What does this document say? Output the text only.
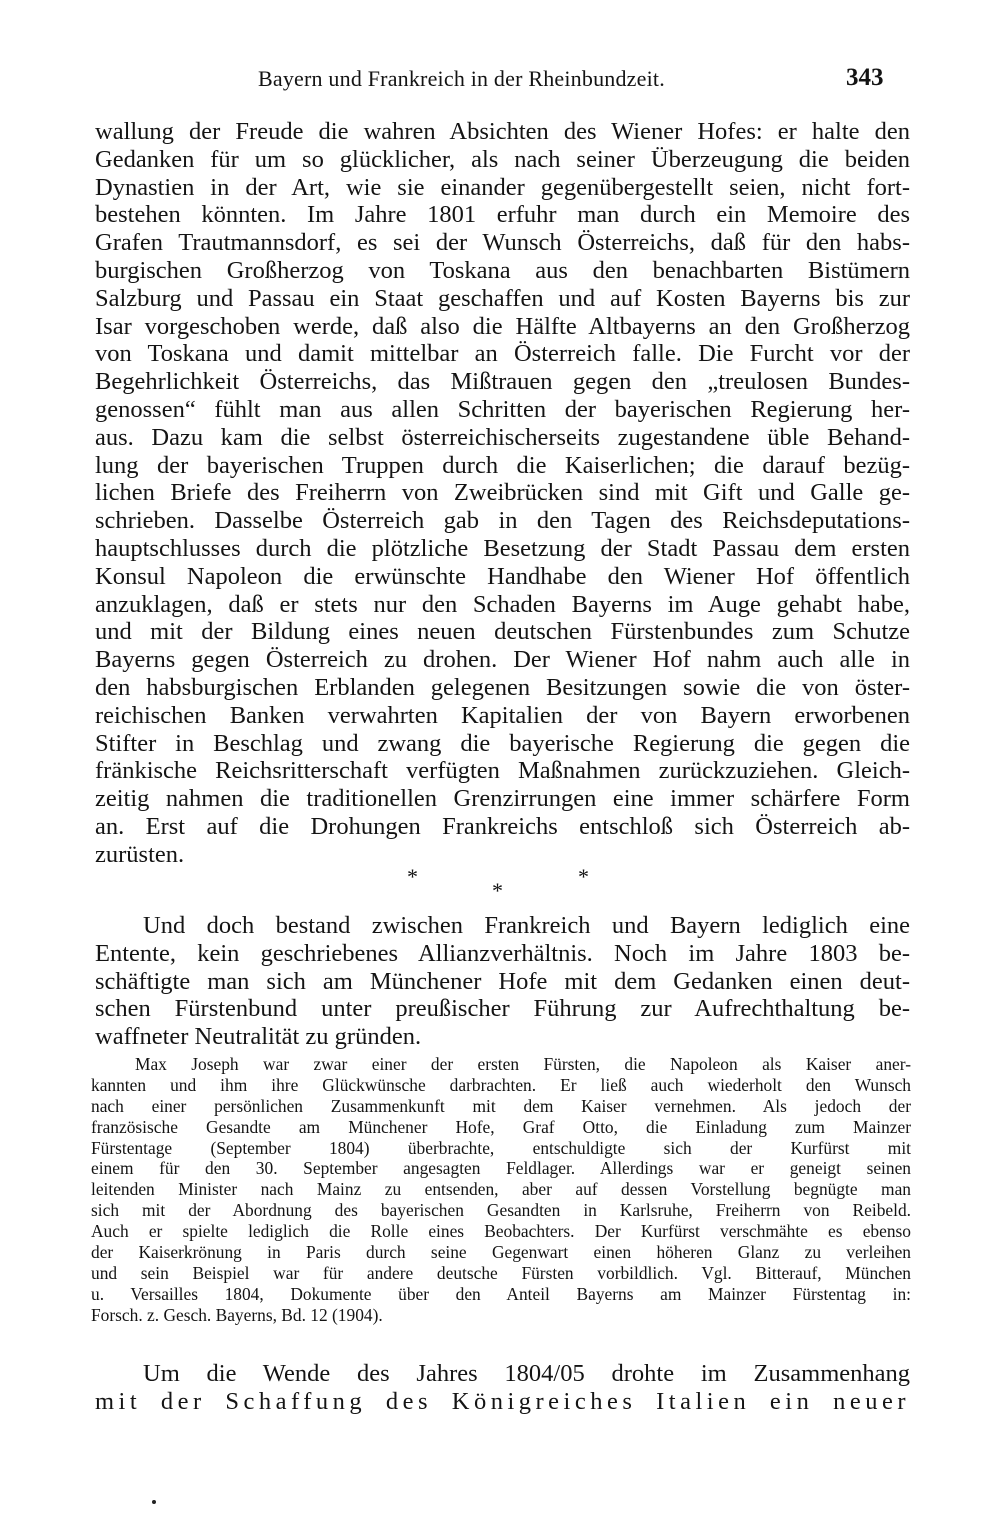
Bayern und Frankreich in der Rheinbundzeit.	343
wallung der Freude die wahren Absichten des Wiener Hofes: er halte den
Gedanken für um so glücklicher, als nach seiner Überzeugung die beiden
Dynastien in der Art, wie sie einander gegenübergestellt seien, nicht fort-
bestehen könnten. Im Jahre 1801 erfuhr man durch ein Memoire des
Grafen Trautmannsdorf, es sei der Wunsch Österreichs, daß für den habs-
burgischen Großherzog von Toskana aus den benachbarten Bistümern
Salzburg und Passau ein Staat geschaffen und auf Kosten Bayerns bis zur
Isar vorgeschoben werde, daß also die Hälfte Altbayerns an den Großherzog
von Toskana und damit mittelbar an Österreich falle. Die Furcht vor der
Begehrlichkeit Österreichs, das Mißtrauen gegen den „treulosen Bundes-
genossen“ fühlt man aus allen Schritten der bayerischen Regierung her-
aus. Dazu kam die selbst österreichischerseits zugestandene üble Behand-
lung der bayerischen Truppen durch die Kaiserlichen; die darauf bezüg-
lichen Briefe des Freiherrn von Zweibrücken sind mit Gift und Galle ge-
schrieben. Dasselbe Österreich gab in den Tagen des Reichsdeputations-
hauptschlusses durch die plötzliche Besetzung der Stadt Passau dem ersten
Konsul Napoleon die erwünschte Handhabe den Wiener Hof öffentlich
anzuklagen, daß er stets nur den Schaden Bayerns im Auge gehabt habe,
und mit der Bildung eines neuen deutschen Fürstenbundes zum Schutze
Bayerns gegen Österreich zu drohen. Der Wiener Hof nahm auch alle in
den habsburgischen Erblanden gelegenen Besitzungen sowie die von öster-
reichischen Banken verwahrten Kapitalien der von Bayern erworbenen
Stifter in Beschlag und zwang die bayerische Regierung die gegen die
fränkische Reichsritterschaft verfügten Maßnahmen zurückzuziehen. Gleich-
zeitig nahmen die traditionellen Grenzirrungen eine immer schärfere Form
an. Erst auf die Drohungen Frankreichs entschloß sich Österreich ab-
zurüsten.
*
*
*
Und doch bestand zwischen Frankreich und Bayern lediglich eine
Entente, kein geschriebenes Allianzverhältnis. Noch im Jahre 1803 be-
schäftigte man sich am Münchener Hofe mit dem Gedanken einen deut-
schen Fürstenbund unter preußischer Führung zur Aufrechthaltung be-
waffneter Neutralität zu gründen.
Max Joseph war zwar einer der ersten Fürsten, die Napoleon als Kaiser aner-
kannten und ihm ihre Glückwünsche darbrachten. Er ließ auch wiederholt den Wunsch
nach einer persönlichen Zusammenkunft mit dem Kaiser vernehmen. Als jedoch der
französische Gesandte am Münchener Hofe, Graf Otto, die Einladung zum Mainzer
Fürstentage (September 1804) überbrachte, entschuldigte sich der Kurfürst mit
einem für den 30. September angesagten Feldlager. Allerdings war er geneigt seinen
leitenden Minister nach Mainz zu entsenden, aber auf dessen Vorstellung begnügte man
sich mit der Abordnung des bayerischen Gesandten in Karlsruhe, Freiherrn von Reibeld.
Auch er spielte lediglich die Rolle eines Beobachters. Der Kurfürst verschmähte es ebenso
der Kaiserkrönung in Paris durch seine Gegenwart einen höheren Glanz zu verleihen
und sein Beispiel war für andere deutsche Fürsten vorbildlich. Vgl. Bitterauf, München
u. Versailles 1804, Dokumente über den Anteil Bayerns am Mainzer Fürstentag in:
Forsch. z. Gesch. Bayerns, Bd. 12 (1904).
Um die Wende des Jahres 1804/05 drohte im Zusammenhang
mit der Schaffung des Königreiches Italien ein neuer
